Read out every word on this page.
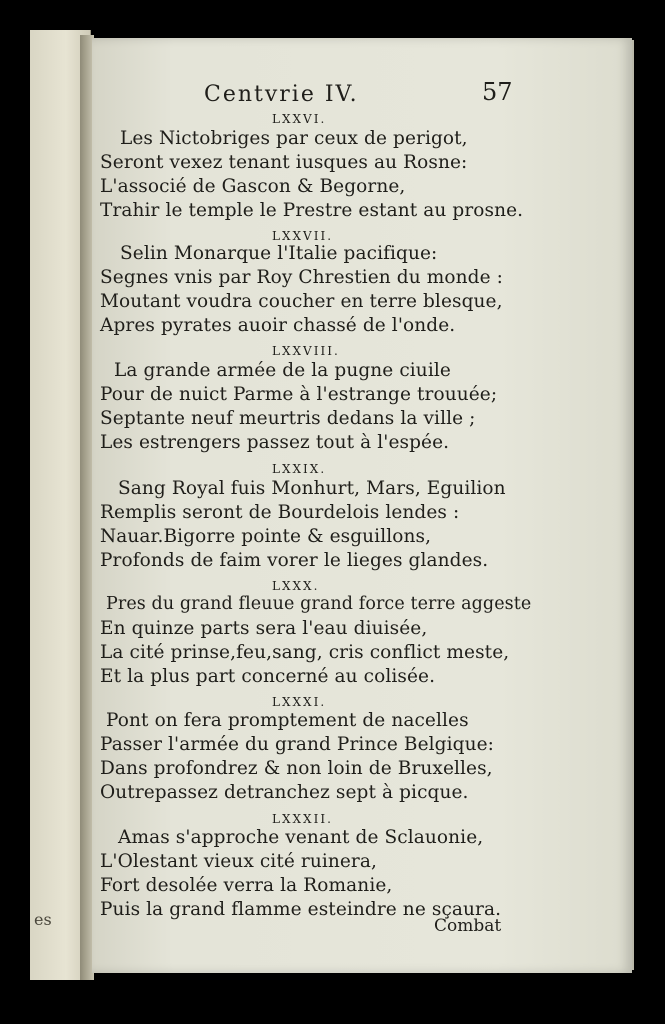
es
Centvrie IV.	57
LXXVI.
Les Nictobriges par ceux de perigot,
Seront vexez tenant iusques au Rosne:
L'associé de Gascon & Begorne,
Trahir le temple le Prestre estant au prosne.
LXXVII.
Selin Monarque l'Italie pacifique:
Segnes vnis par Roy Chrestien du monde :
Moutant voudra coucher en terre blesque,
Apres pyrates auoir chassé de l'onde.
LXXVIII.
La grande armée de la pugne ciuile
Pour de nuict Parme à l'estrange trouuée;
Septante neuf meurtris dedans la ville ;
Les estrengers passez tout à l'espée.
LXXIX.
Sang Royal fuis Monhurt, Mars, Eguilion
Remplis seront de Bourdelois lendes :
Nauar.Bigorre pointe & esguillons,
Profonds de faim vorer le lieges glandes.
LXXX.
Pres du grand fleuue grand force terre aggeste
En quinze parts sera l'eau diuisée,
La cité prinse,feu,sang, cris conflict meste,
Et la plus part concerné au colisée.
LXXXI.
Pont on fera promptement de nacelles
Passer l'armée du grand Prince Belgique:
Dans profondrez & non loin de Bruxelles,
Outrepassez detranchez sept à picque.
LXXXII.
Amas s'approche venant de Sclauonie,
L'Olestant vieux cité ruinera,
Fort desolée verra la Romanie,
Puis la grand flamme esteindre ne sçaura.
Combat
